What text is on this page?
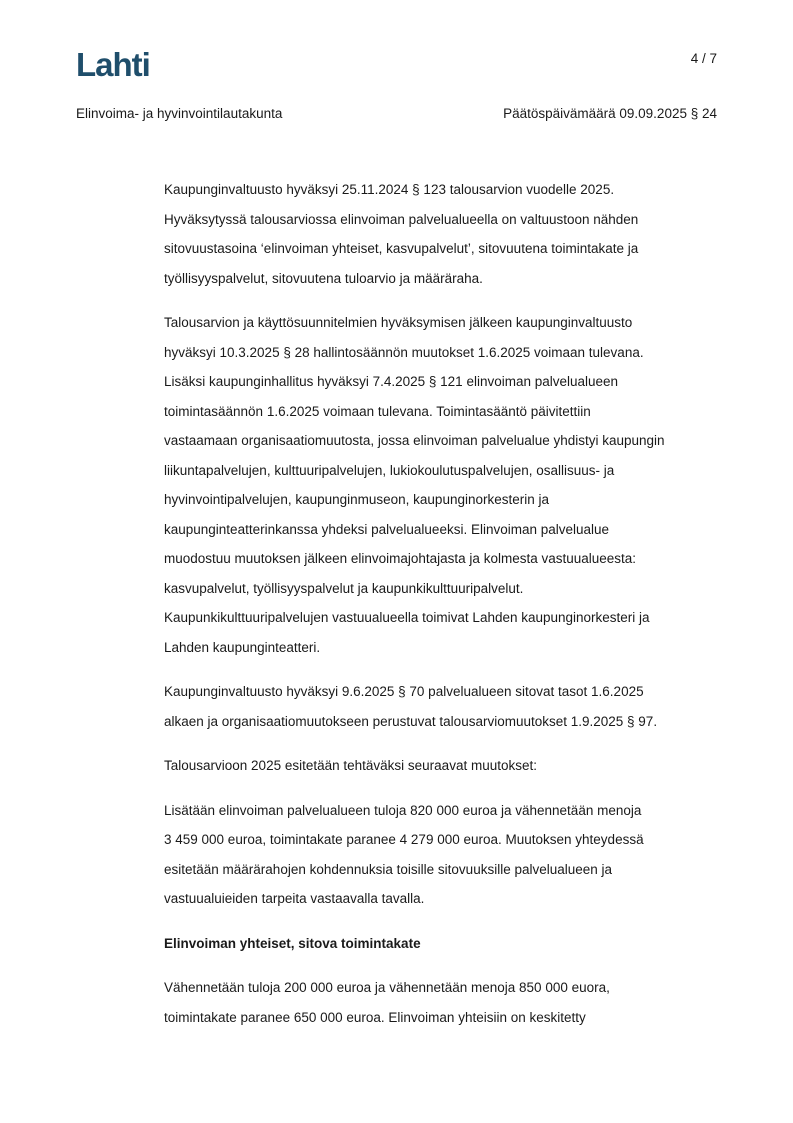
Lahti	4 / 7
Elinvoima- ja hyvinvointilautakunta	Päätöspäivämäärä 09.09.2025 § 24

Kaupunginvaltuusto hyväksyi 25.11.2024 § 123 talousarvion vuodelle 2025.
Hyväksytyssä talousarviossa elinvoiman palvelualueella on valtuustoon nähden
sitovuustasoina ‘elinvoiman yhteiset, kasvupalvelut’, sitovuutena toimintakate ja
työllisyyspalvelut, sitovuutena tuloarvio ja määräraha.

Talousarvion ja käyttösuunnitelmien hyväksymisen jälkeen kaupunginvaltuusto
hyväksyi 10.3.2025 § 28 hallintosäännön muutokset 1.6.2025 voimaan tulevana.
Lisäksi kaupunginhallitus hyväksyi 7.4.2025 § 121 elinvoiman palvelualueen
toimintasäännön 1.6.2025 voimaan tulevana. Toimintasääntö päivitettiin
vastaamaan organisaatiomuutosta, jossa elinvoiman palvelualue yhdistyi kaupungin
liikuntapalvelujen, kulttuuripalvelujen, lukiokoulutuspalvelujen, osallisuus- ja
hyvinvointipalvelujen, kaupunginmuseon, kaupunginorkesterin ja
kaupunginteatterinkanssa yhdeksi palvelualueeksi. Elinvoiman palvelualue
muodostuu muutoksen jälkeen elinvoimajohtajasta ja kolmesta vastuualueesta:
kasvupalvelut, työllisyyspalvelut ja kaupunkikulttuuripalvelut.
Kaupunkikulttuuripalvelujen vastuualueella toimivat Lahden kaupunginorkesteri ja
Lahden kaupunginteatteri.

Kaupunginvaltuusto hyväksyi 9.6.2025 § 70 palvelualueen sitovat tasot 1.6.2025
alkaen ja organisaatiomuutokseen perustuvat talousarviomuutokset 1.9.2025 § 97.

Talousarvioon 2025 esitetään tehtäväksi seuraavat muutokset:

Lisätään elinvoiman palvelualueen tuloja 820 000 euroa ja vähennetään menoja
3 459 000 euroa, toimintakate paranee 4 279 000 euroa. Muutoksen yhteydessä
esitetään määrärahojen kohdennuksia toisille sitovuuksille palvelualueen ja
vastuualuieiden tarpeita vastaavalla tavalla.

Elinvoiman yhteiset, sitova toimintakate

Vähennetään tuloja 200 000 euroa ja vähennetään menoja 850 000 euora,
toimintakate paranee 650 000 euroa. Elinvoiman yhteisiin on keskitetty
